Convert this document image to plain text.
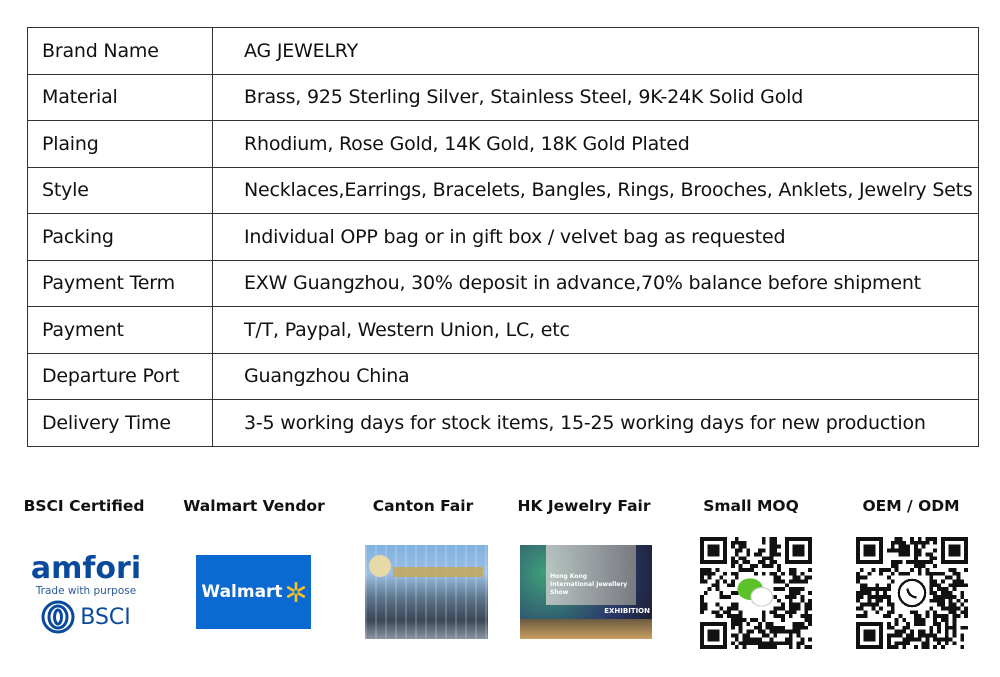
Brand Name	AG JEWELRY
Material	Brass, 925 Sterling Silver, Stainless Steel, 9K-24K Solid Gold
Plaing	Rhodium, Rose Gold, 14K Gold, 18K Gold Plated
Style	Necklaces,Earrings, Bracelets, Bangles, Rings, Brooches, Anklets, Jewelry Sets
Packing	Individual OPP bag or in gift box / velvet bag as requested
Payment Term	EXW Guangzhou, 30% deposit in advance,70% balance before shipment
Payment	T/T, Paypal, Western Union, LC, etc
Departure Port	Guangzhou China
Delivery Time	3-5 working days for stock items, 15-25 working days for new production
BSCI Certified	Walmart Vendor	Canton Fair	HK Jewelry Fair	Small MOQ	OEM / ODM
amfori
Trade with purpose
BSCI
Walmart
Hong Kong International Jewellery Show
EXHIBITION
